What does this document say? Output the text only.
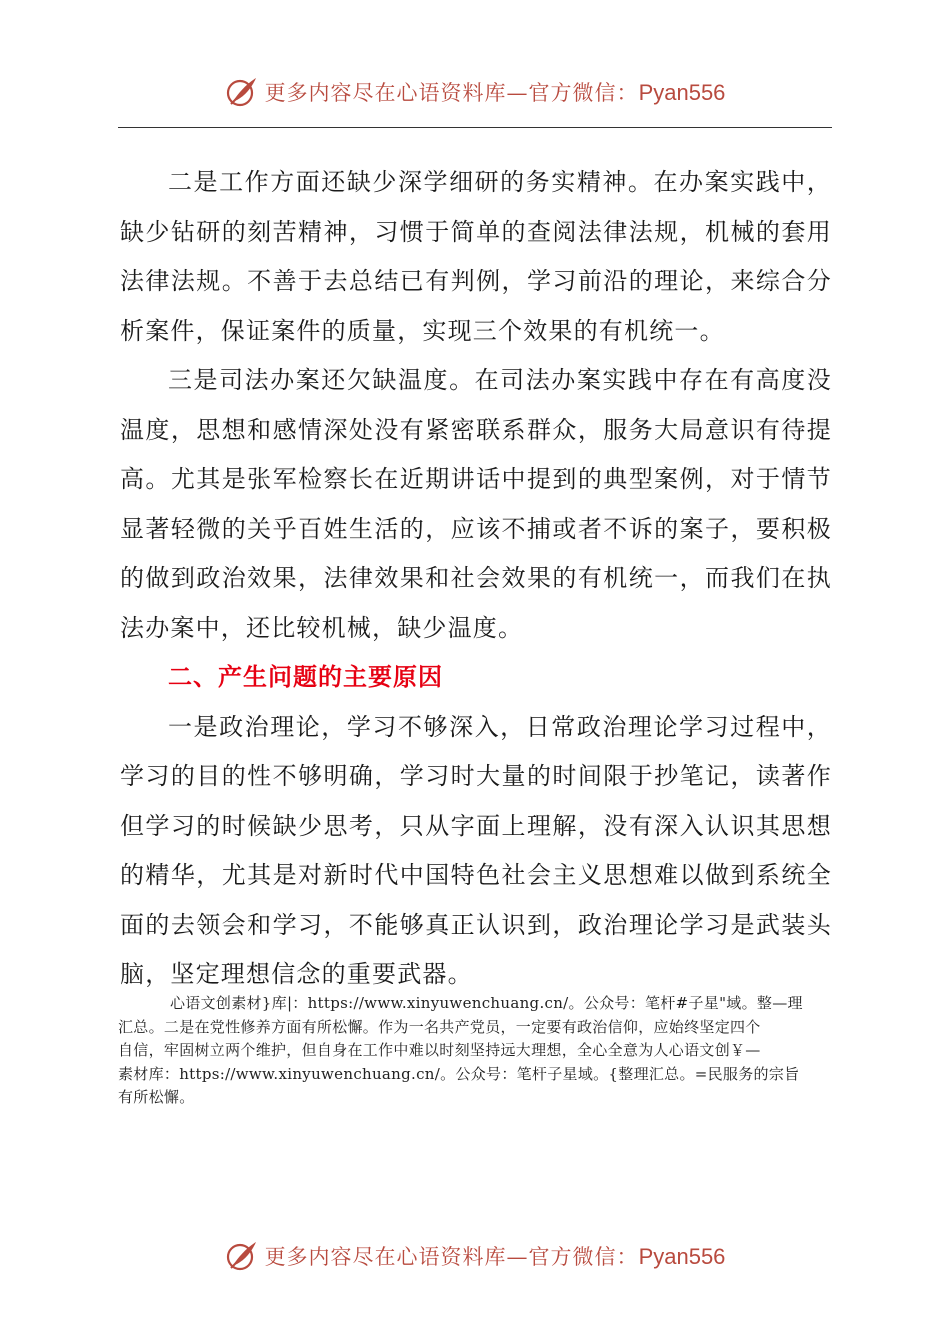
更多内容尽在心语资料库—官方微信：Pyan556

二是工作方面还缺少深学细研的务实精神。在办案实践中，缺少钻研的刻苦精神，习惯于简单的查阅法律法规，机械的套用法律法规。不善于去总结已有判例，学习前沿的理论，来综合分析案件，保证案件的质量，实现三个效果的有机统一。

三是司法办案还欠缺温度。在司法办案实践中存在有高度没温度，思想和感情深处没有紧密联系群众，服务大局意识有待提高。尤其是张军检察长在近期讲话中提到的典型案例，对于情节显著轻微的关乎百姓生活的，应该不捕或者不诉的案子，要积极的做到政治效果，法律效果和社会效果的有机统一，而我们在执法办案中，还比较机械，缺少温度。

二、产生问题的主要原因

一是政治理论，学习不够深入，日常政治理论学习过程中，学习的目的性不够明确，学习时大量的时间限于抄笔记，读著作但学习的时候缺少思考，只从字面上理解，没有深入认识其思想的精华，尤其是对新时代中国特色社会主义思想难以做到系统全面的去领会和学习，不能够真正认识到，政治理论学习是武装头脑，坚定理想信念的重要武器。

心语文创素材}库|：https://www.xinyuwenchuang.cn/。公众号：笔杆#子星"域。整—理
汇总。二是在党性修养方面有所松懈。作为一名共产党员，一定要有政治信仰，应始终坚定四个
自信，牢固树立两个维护，但自身在工作中难以时刻坚持远大理想，全心全意为人心语文创￥—
素材库：https://www.xinyuwenchuang.cn/。公众号：笔杆子星域。{整理汇总。=民服务的宗旨
有所松懈。
更多内容尽在心语资料库—官方微信：Pyan556
